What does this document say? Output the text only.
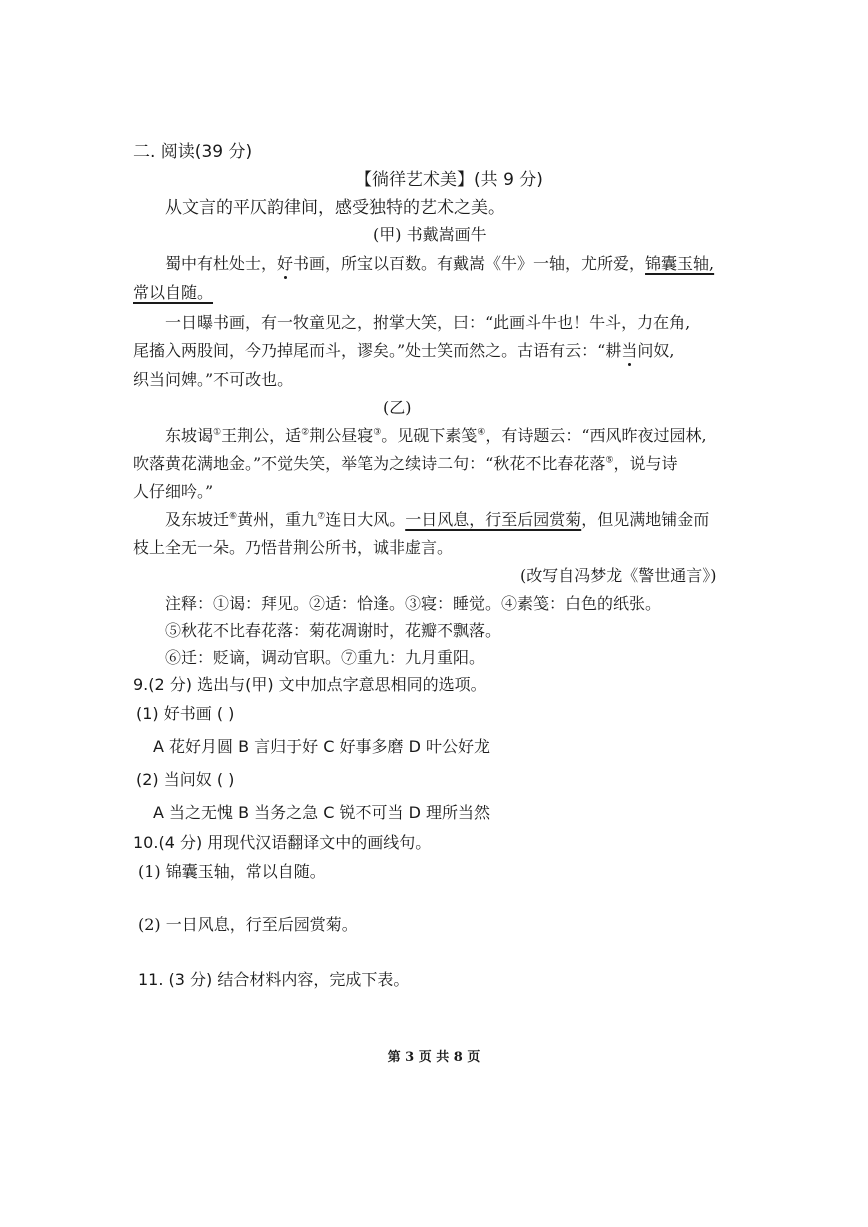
二. 阅读(39 分)
【徜徉艺术美】(共 9 分)
从文言的平仄韵律间，感受独特的艺术之美。
(甲) 书戴嵩画牛
蜀中有杜处士，好书画，所宝以百数。有戴嵩《牛》一轴，尤所爱，锦囊玉轴,
常以自随。
一日曝书画，有一牧童见之，拊掌大笑，曰：“此画斗牛也！牛斗，力在角,
尾搐入两股间，今乃掉尾而斗，谬矣。”处士笑而然之。古语有云：“耕当问奴,
织当问婢。”不可改也。
(乙)
东坡谒①王荆公，适②荆公昼寝③。见砚下素笺④，有诗题云：“西风昨夜过园林,
吹落黄花满地金。”不觉失笑，举笔为之续诗二句：“秋花不比春花落⑤，说与诗
人仔细吟。”
及东坡迁⑥黄州，重九⑦连日大风。一日风息，行至后园赏菊，但见满地铺金而
枝上全无一朵。乃悟昔荆公所书，诚非虚言。
(改写自冯梦龙《警世通言》)
注释：①谒：拜见。②适：恰逢。③寝：睡觉。④素笺：白色的纸张。
⑤秋花不比春花落：菊花凋谢时，花瓣不飘落。
⑥迁：贬谪，调动官职。⑦重九：九月重阳。
9.(2 分) 选出与(甲) 文中加点字意思相同的选项。
(1) 好书画 ( )
A 花好月圆 B 言归于好 C 好事多磨 D 叶公好龙
(2) 当问奴 ( )
A 当之无愧 B 当务之急 C 锐不可当 D 理所当然
10.(4 分) 用现代汉语翻译文中的画线句。
(1) 锦囊玉轴，常以自随。
(2) 一日风息，行至后园赏菊。
11. (3 分) 结合材料内容，完成下表。
第 3 页 共 8 页
